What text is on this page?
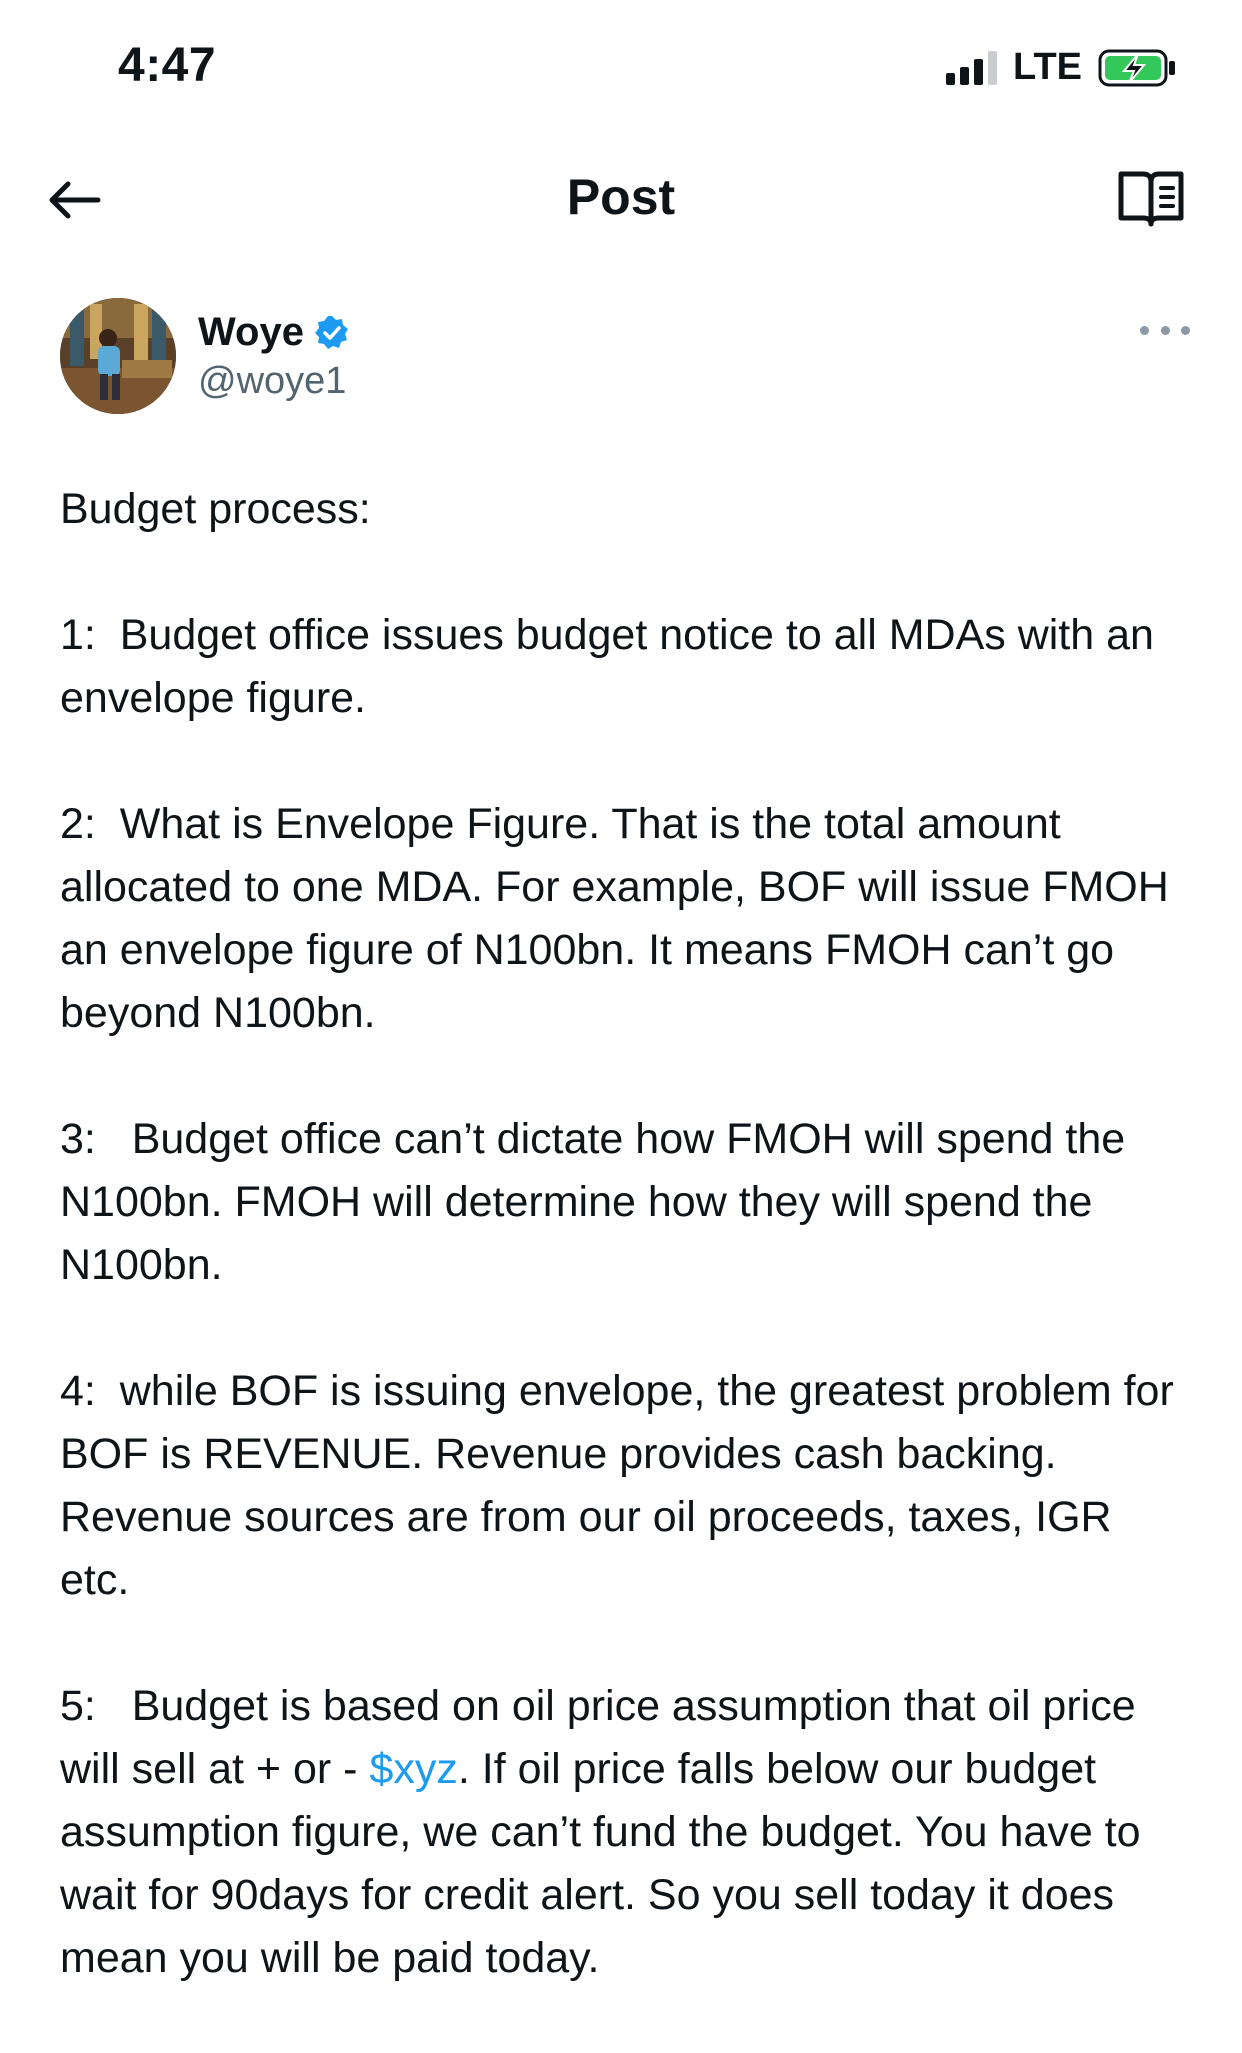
4:47	LTE
Post
Woye
@woye1

Budget process:

1:  Budget office issues budget notice to all MDAs with an envelope figure.

2:  What is Envelope Figure. That is the total amount allocated to one MDA. For example, BOF will issue FMOH an envelope figure of N100bn. It means FMOH can’t go beyond N100bn.

3:   Budget office can’t dictate how FMOH will spend the N100bn. FMOH will determine how they will spend the N100bn.

4:  while BOF is issuing envelope, the greatest problem for BOF is REVENUE. Revenue provides cash backing. Revenue sources are from our oil proceeds, taxes, IGR etc.

5:   Budget is based on oil price assumption that oil price will sell at + or - $xyz. If oil price falls below our budget assumption figure, we can’t fund the budget. You have to wait for 90days for credit alert. So you sell today it does mean you will be paid today.
